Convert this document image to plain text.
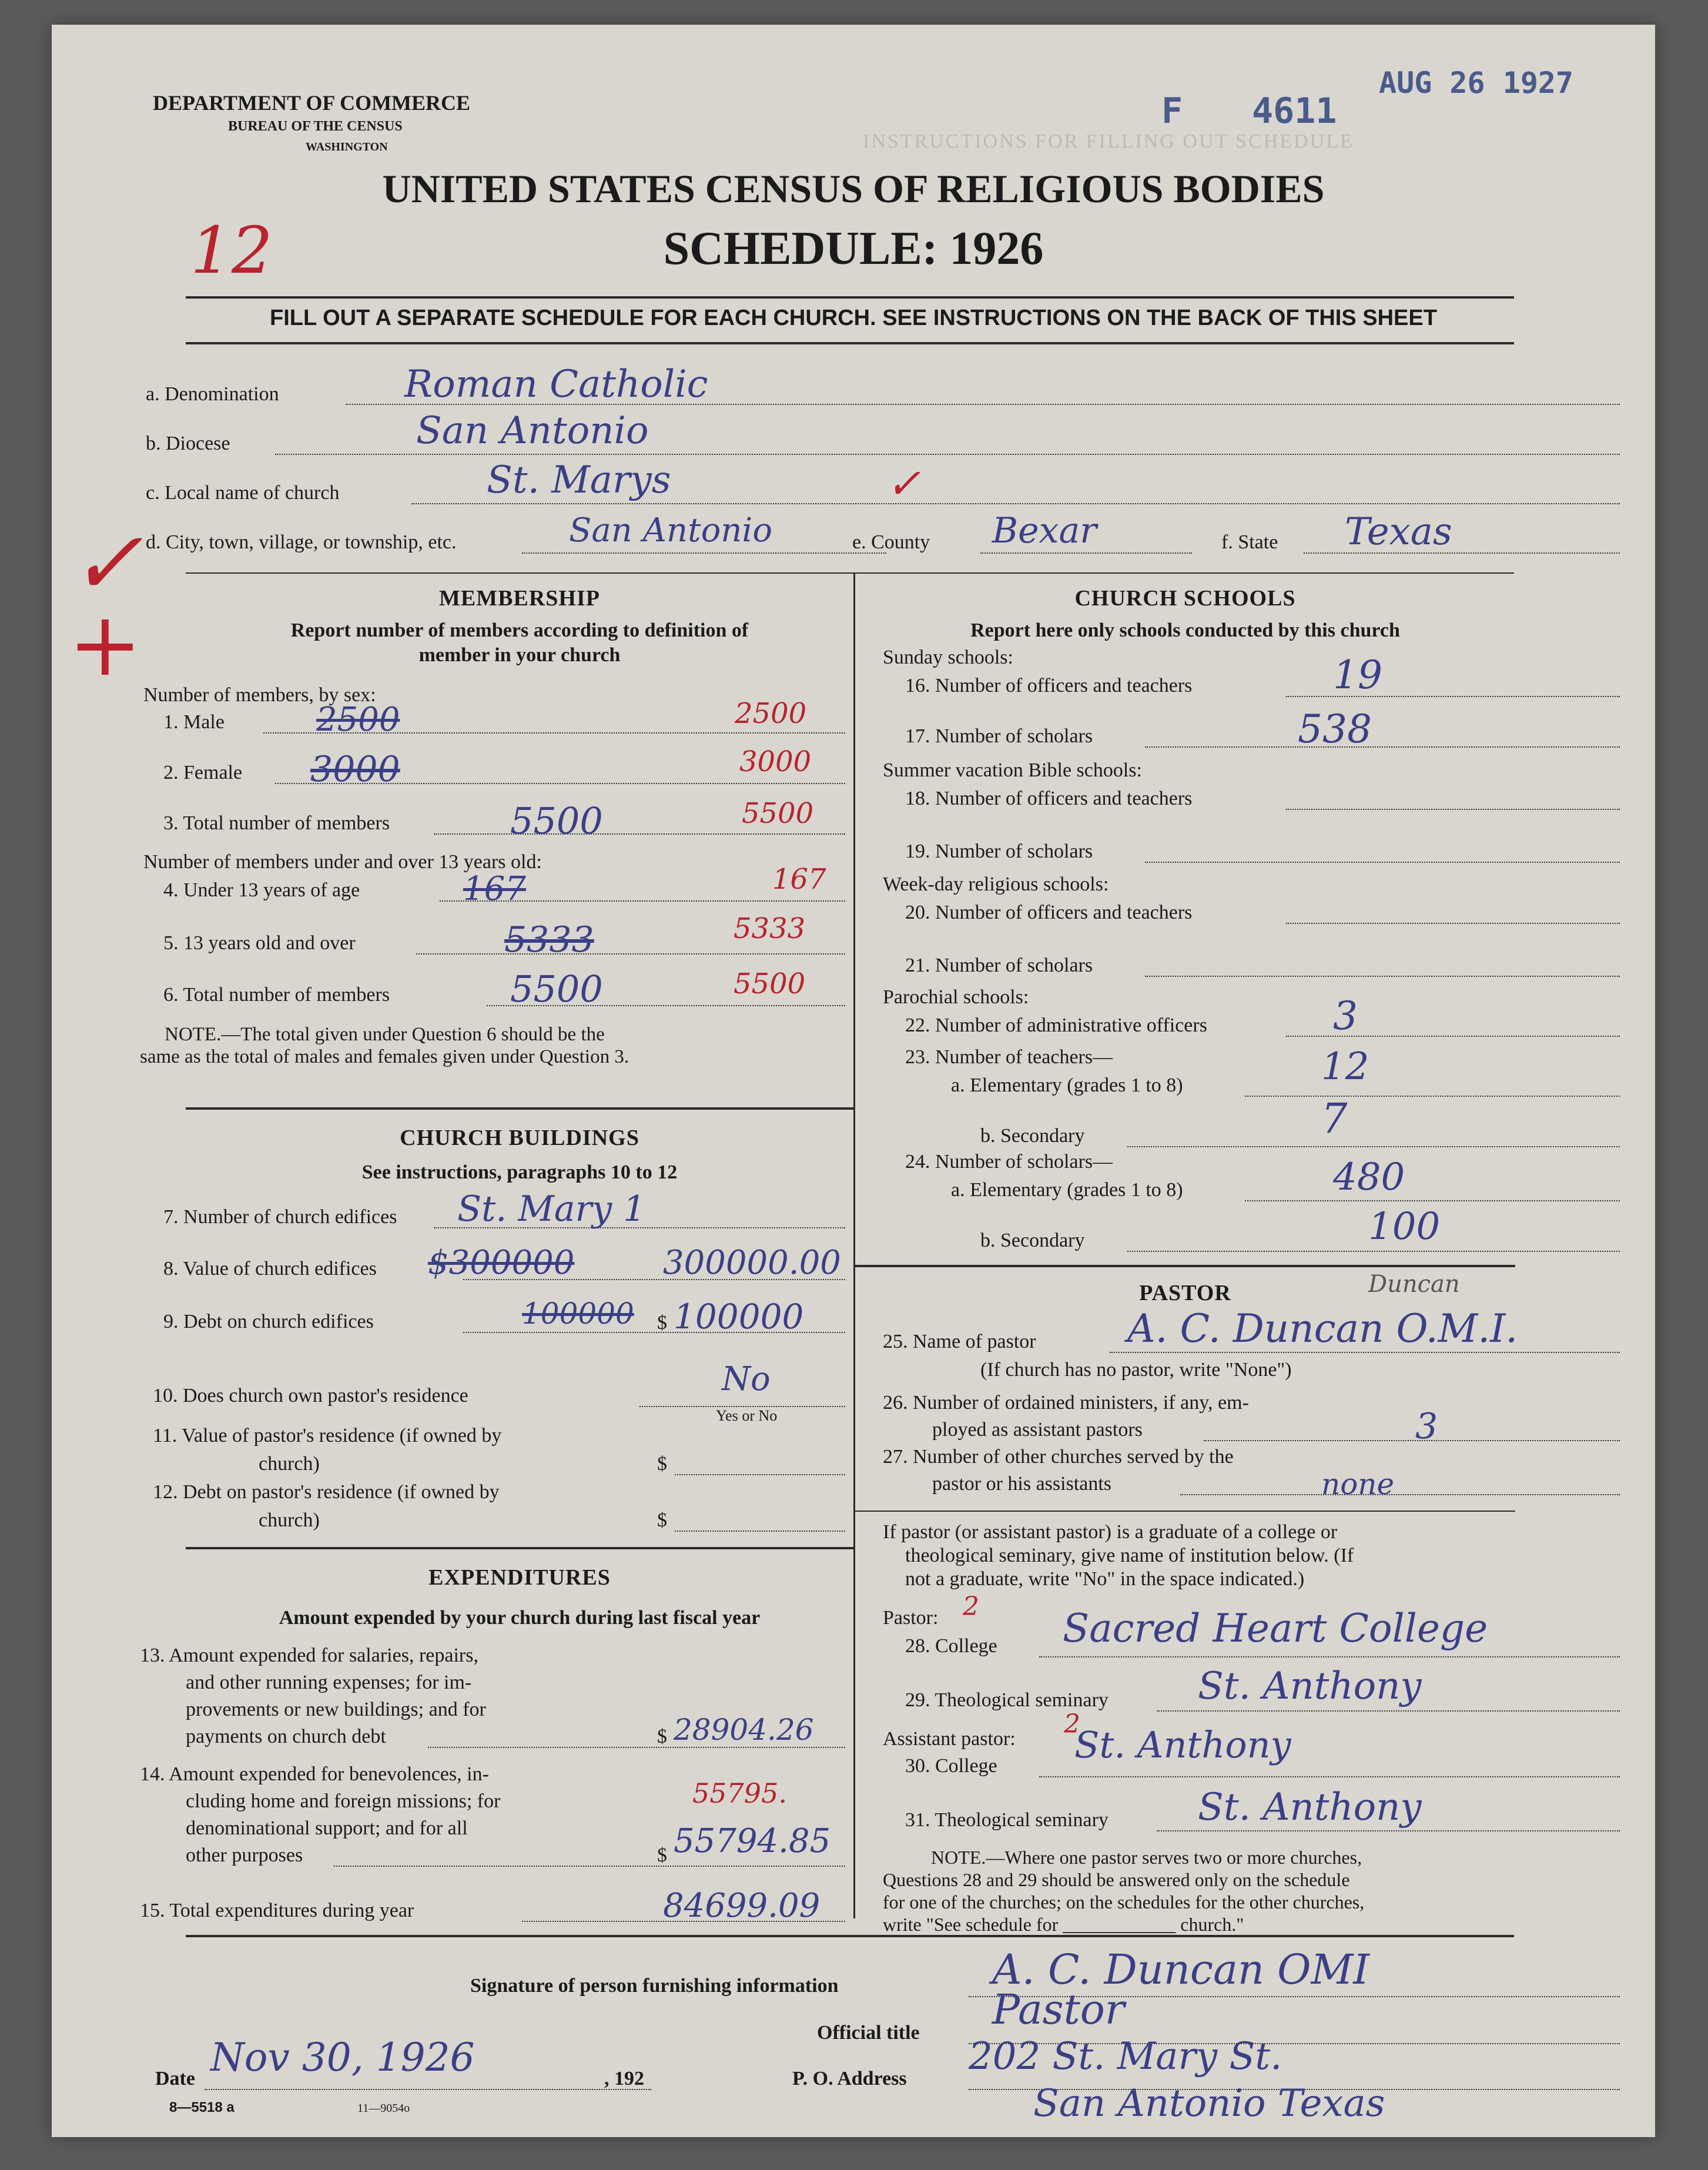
INSTRUCTIONS FOR FILLING OUT SCHEDULE
DEPARTMENT OF COMMERCE
BUREAU OF THE CENSUS
WASHINGTON
F 4611
AUG 26 1927
UNITED STATES CENSUS OF RELIGIOUS BODIES
SCHEDULE: 1926
12
FILL OUT A SEPARATE SCHEDULE FOR EACH CHURCH. SEE INSTRUCTIONS ON THE BACK OF THIS SHEET
a. Denomination	Roman Catholic
b. Diocese	San Antonio
c. Local name of church	St. Marys	✓
d. City, town, village, or township, etc.	San Antonio	e. County Bexar	f. State Texas
✓
+	MEMBERSHIP
Report number of members according to definition of
member in your church
Number of members, by sex:
1. Male	2500	2500
2. Female 3000	3000
3. Total number of members	5500	5500
Number of members under and over 13 years old:
4. Under 13 years of age	167	167
5. 13 years old and over	5333	5333
6. Total number of members	5500	5500
NOTE.—The total given under Question 6 should be the
same as the total of males and females given under Question 3.
CHURCH BUILDINGS
See instructions, paragraphs 10 to 12
7. Number of church edifices St. Mary 1
8. Value of church edifices $300000	300000.00
9. Debt on church edifices	100000 $ 100000
10. Does church own pastor's residence	No
Yes or No
11. Value of pastor's residence (if owned by
church)	$
12. Debt on pastor's residence (if owned by
church)	$
EXPENDITURES
Amount expended by your church during last fiscal year
13. Amount expended for salaries, repairs,
and other running expenses; for im-
provements or new buildings; and for
payments on church debt	$ 28904.26
14. Amount expended for benevolences, in-
cluding home and foreign missions; for
denominational support; and for all
other purposes
55795.
$ 55794.85
15. Total expenditures during year	84699.09
CHURCH SCHOOLS
Report here only schools conducted by this church
Sunday schools:
16. Number of officers and teachers	19
17. Number of scholars	538
Summer vacation Bible schools:
18. Number of officers and teachers
19. Number of scholars
Week-day religious schools:
20. Number of officers and teachers
21. Number of scholars
Parochial schools:
22. Number of administrative officers	3
23. Number of teachers—
a. Elementary (grades 1 to 8)	12
b. Secondary	7
24. Number of scholars—
a. Elementary (grades 1 to 8)	480
b. Secondary	100
PASTOR	Duncan
25. Name of pastor A. C. Duncan O.M.I.
(If church has no pastor, write "None")
26. Number of ordained ministers, if any, em-
ployed as assistant pastors	3
27. Number of other churches served by the
pastor or his assistants	none
If pastor (or assistant pastor) is a graduate of a college or
theological seminary, give name of institution below. (If
not a graduate, write "No" in the space indicated.)
Pastor: 2
28. College Sacred Heart College
29. Theological seminary St. Anthony
Assistant pastor: 2
30. College St. Anthony
31. Theological seminary St. Anthony
NOTE.—Where one pastor serves two or more churches,
Questions 28 and 29 should be answered only on the schedule
for one of the churches; on the schedules for the other churches,
write "See schedule for ____________ church."
Signature of person furnishing information	A. C. Duncan OMI
Official title Pastor
Date Nov 30, 1926	, 192	P. O. Address
202 St. Mary St.
San Antonio Texas
8—5518 a	11—9054o
